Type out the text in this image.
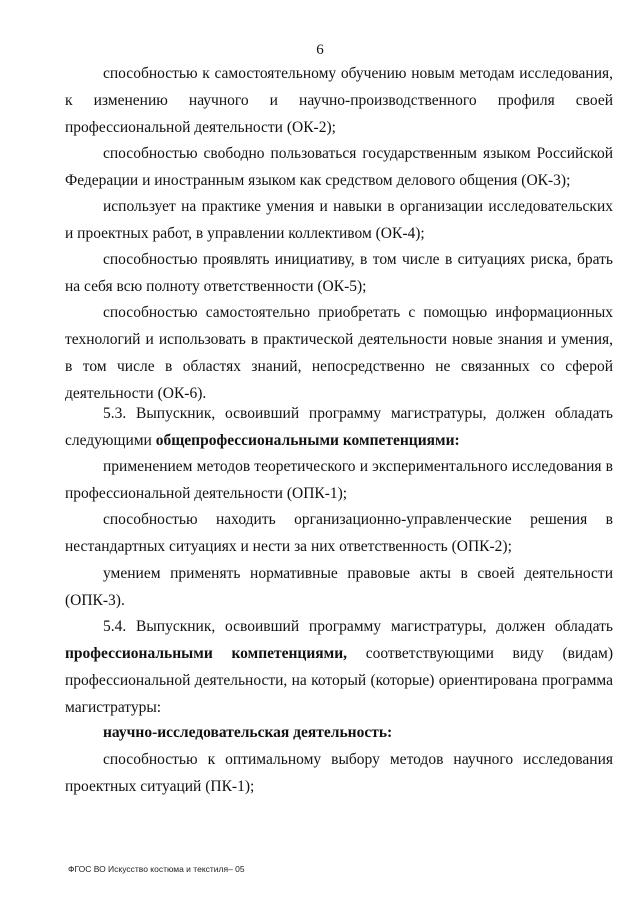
6

способностью к самостоятельному обучению новым методам исследования, к изменению научного и научно-производственного профиля своей профессиональной деятельности (ОК-2);

способностью свободно пользоваться государственным языком Российской Федерации и иностранным языком как средством делового общения (ОК-3);

использует на практике умения и навыки в организации исследовательских и проектных работ, в управлении коллективом (ОК-4);

способностью проявлять инициативу, в том числе в ситуациях риска, брать на себя всю полноту ответственности (ОК-5);

способностью самостоятельно приобретать с помощью информационных технологий и использовать в практической деятельности новые знания и умения, в том числе в областях знаний, непосредственно не связанных со сферой деятельности (ОК-6).

5.3. Выпускник, освоивший программу магистратуры, должен обладать следующими общепрофессиональными компетенциями:

применением методов теоретического и экспериментального исследования в профессиональной деятельности (ОПК-1);

способностью находить организационно-управленческие решения в нестандартных ситуациях и нести за них ответственность (ОПК-2);

умением применять нормативные правовые акты в своей деятельности (ОПК-3).

5.4. Выпускник, освоивший программу магистратуры, должен обладать профессиональными компетенциями, соответствующими виду (видам) профессиональной деятельности, на который (которые) ориентирована программа магистратуры:

научно-исследовательская деятельность:

способностью к оптимальному выбору методов научного исследования проектных ситуаций (ПК-1);

ФГОС ВО Искусство костюма и текстиля– 05
